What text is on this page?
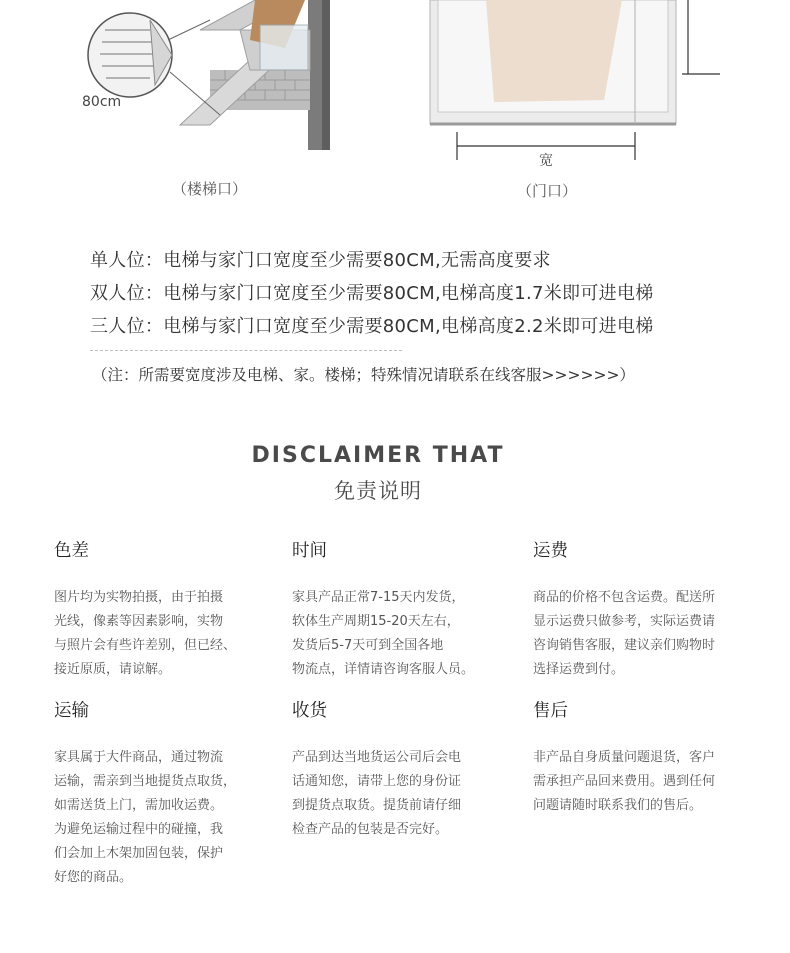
80cm
（楼梯口）
宽
（门口）
单人位：电梯与家门口宽度至少需要80CM,无需高度要求
双人位：电梯与家门口宽度至少需要80CM,电梯高度1.7米即可进电梯
三人位：电梯与家门口宽度至少需要80CM,电梯高度2.2米即可进电梯
（注：所需要宽度涉及电梯、家。楼梯；特殊情况请联系在线客服>>>>>>）
DISCLAIMER THAT
免责说明
色差
图片均为实物拍摄，由于拍摄
光线，像素等因素影响，实物
与照片会有些许差别，但已经、
接近原质，请谅解。
时间
家具产品正常7-15天内发货，
软体生产周期15-20天左右，
发货后5-7天可到全国各地
物流点，详情请咨询客服人员。
运费
商品的价格不包含运费。配送所
显示运费只做参考，实际运费请
咨询销售客服，建议亲们购物时
选择运费到付。
运输
家具属于大件商品，通过物流
运输，需亲到当地提货点取货，
如需送货上门，需加收运费。
为避免运输过程中的碰撞，我
们会加上木架加固包装，保护
好您的商品。
收货
产品到达当地货运公司后会电
话通知您，请带上您的身份证
到提货点取货。提货前请仔细
检查产品的包装是否完好。
售后
非产品自身质量问题退货，客户
需承担产品回来费用。遇到任何
问题请随时联系我们的售后。
